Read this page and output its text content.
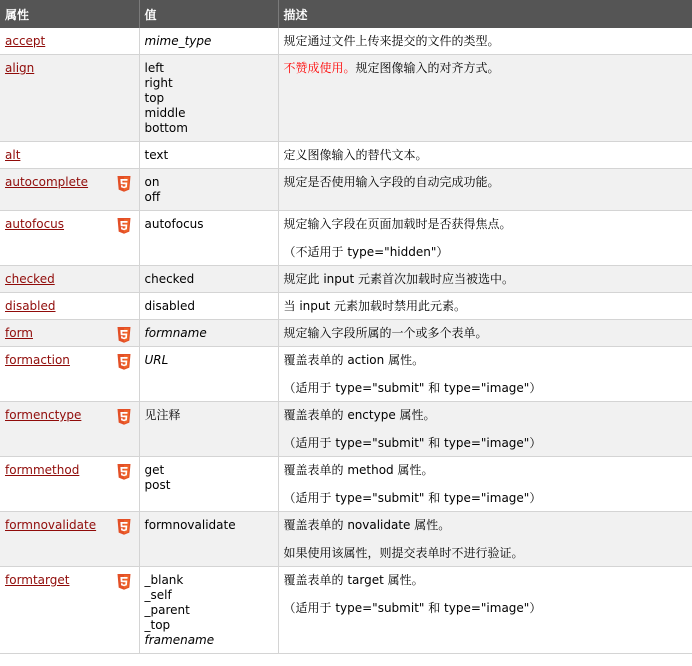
属性	值	描述
accept	mime_type	规定通过文件上传来提交的文件的类型。

align	left
right
top
middle
bottom	不赞成使用。规定图像输入的对齐方式。

alt	text	定义图像输入的替代文本。

autocomplete	on
off	规定是否使用输入字段的自动完成功能。

autofocus	autofocus	规定输入字段在页面加载时是否获得焦点。
（不适用于 type="hidden"）

checked	checked	规定此 input 元素首次加载时应当被选中。

disabled	disabled	当 input 元素加载时禁用此元素。

form	formname	规定输入字段所属的一个或多个表单。

formaction	URL	覆盖表单的 action 属性。
（适用于 type="submit" 和 type="image"）

formenctype	见注释	覆盖表单的 enctype 属性。
（适用于 type="submit" 和 type="image"）

formmethod	get
post	覆盖表单的 method 属性。
（适用于 type="submit" 和 type="image"）

formnovalidate	formnovalidate	覆盖表单的 novalidate 属性。
如果使用该属性，则提交表单时不进行验证。

formtarget	_blank
_self
_parent
_top
framename	覆盖表单的 target 属性。
（适用于 type="submit" 和 type="image"）
